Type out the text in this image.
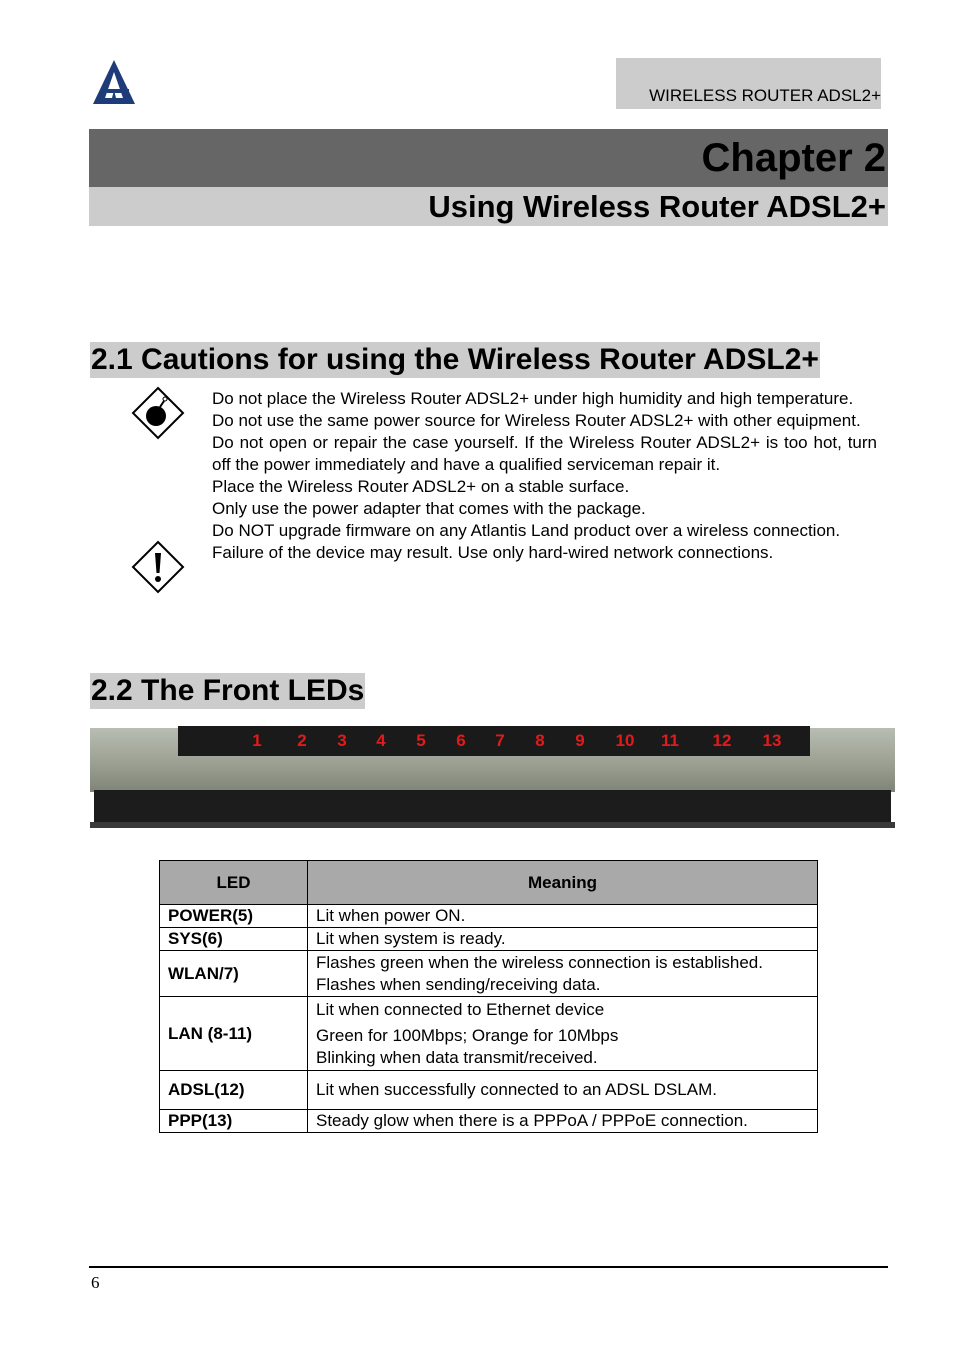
WIRELESS ROUTER ADSL2+
Chapter 2
Using Wireless Router ADSL2+
2.1 Cautions for using the Wireless Router ADSL2+

Do not place the Wireless Router ADSL2+ under high humidity and high temperature.

Do not use the same power source for Wireless Router ADSL2+ with other equipment.

Do not open or repair the case yourself. If the Wireless Router ADSL2+ is too hot, turn off the power immediately and have a qualified serviceman repair it.

Place the Wireless Router ADSL2+ on a stable surface.

Only use the power adapter that comes with the package.

Do NOT upgrade firmware on any Atlantis Land product over a wireless connection.

Failure of the device may result. Use only hard-wired network connections.

2.2 The Front LEDs
1 2 3 4 5 6 7 8 9 10 11 12 13
LED	Meaning
POWER(5)	Lit when power ON.
SYS(6)	Lit when system is ready.
WLAN/7)	Flashes green when the wireless connection is established. Flashes when sending/receiving data.
LAN (8-11)	Lit when connected to Ethernet device
Green for 100Mbps; Orange for 10Mbps
Blinking when data transmit/received.

ADSL(12)	Lit when successfully connected to an ADSL DSLAM.
PPP(13)	Steady glow when there is a PPPoA / PPPoE connection.
6
